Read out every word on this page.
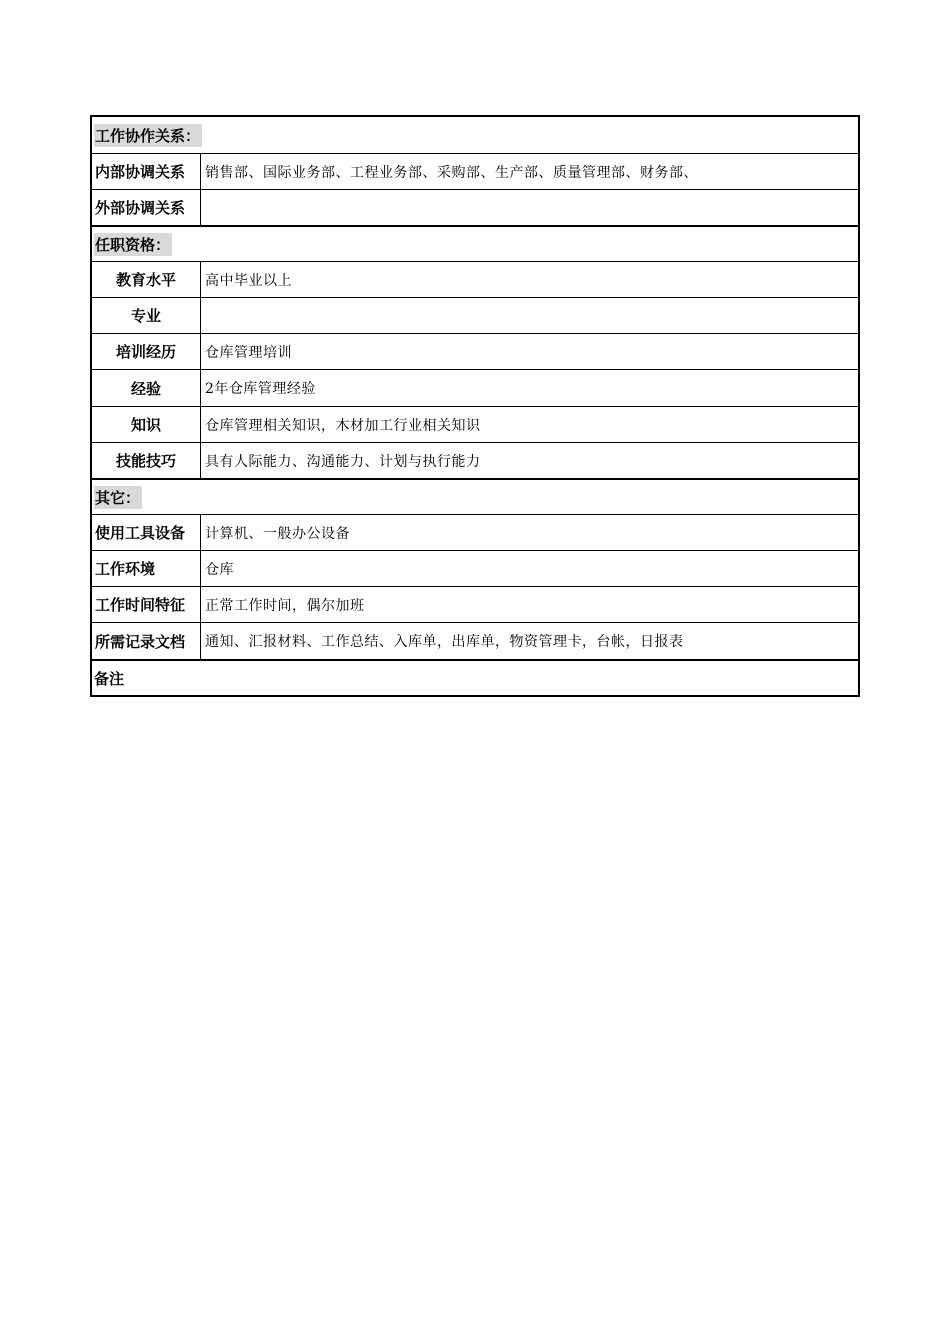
工作协作关系：
内部协调关系	销售部、国际业务部、工程业务部、采购部、生产部、质量管理部、财务部、
外部协调关系
任职资格：
教育水平	高中毕业以上
专业
培训经历	仓库管理培训
经验	2年仓库管理经验
知识	仓库管理相关知识，木材加工行业相关知识
技能技巧	具有人际能力、沟通能力、计划与执行能力
其它：
使用工具设备	计算机、一般办公设备
工作环境	仓库
工作时间特征	正常工作时间，偶尔加班
所需记录文档	通知、汇报材料、工作总结、入库单，出库单，物资管理卡，台帐，日报表
备注
